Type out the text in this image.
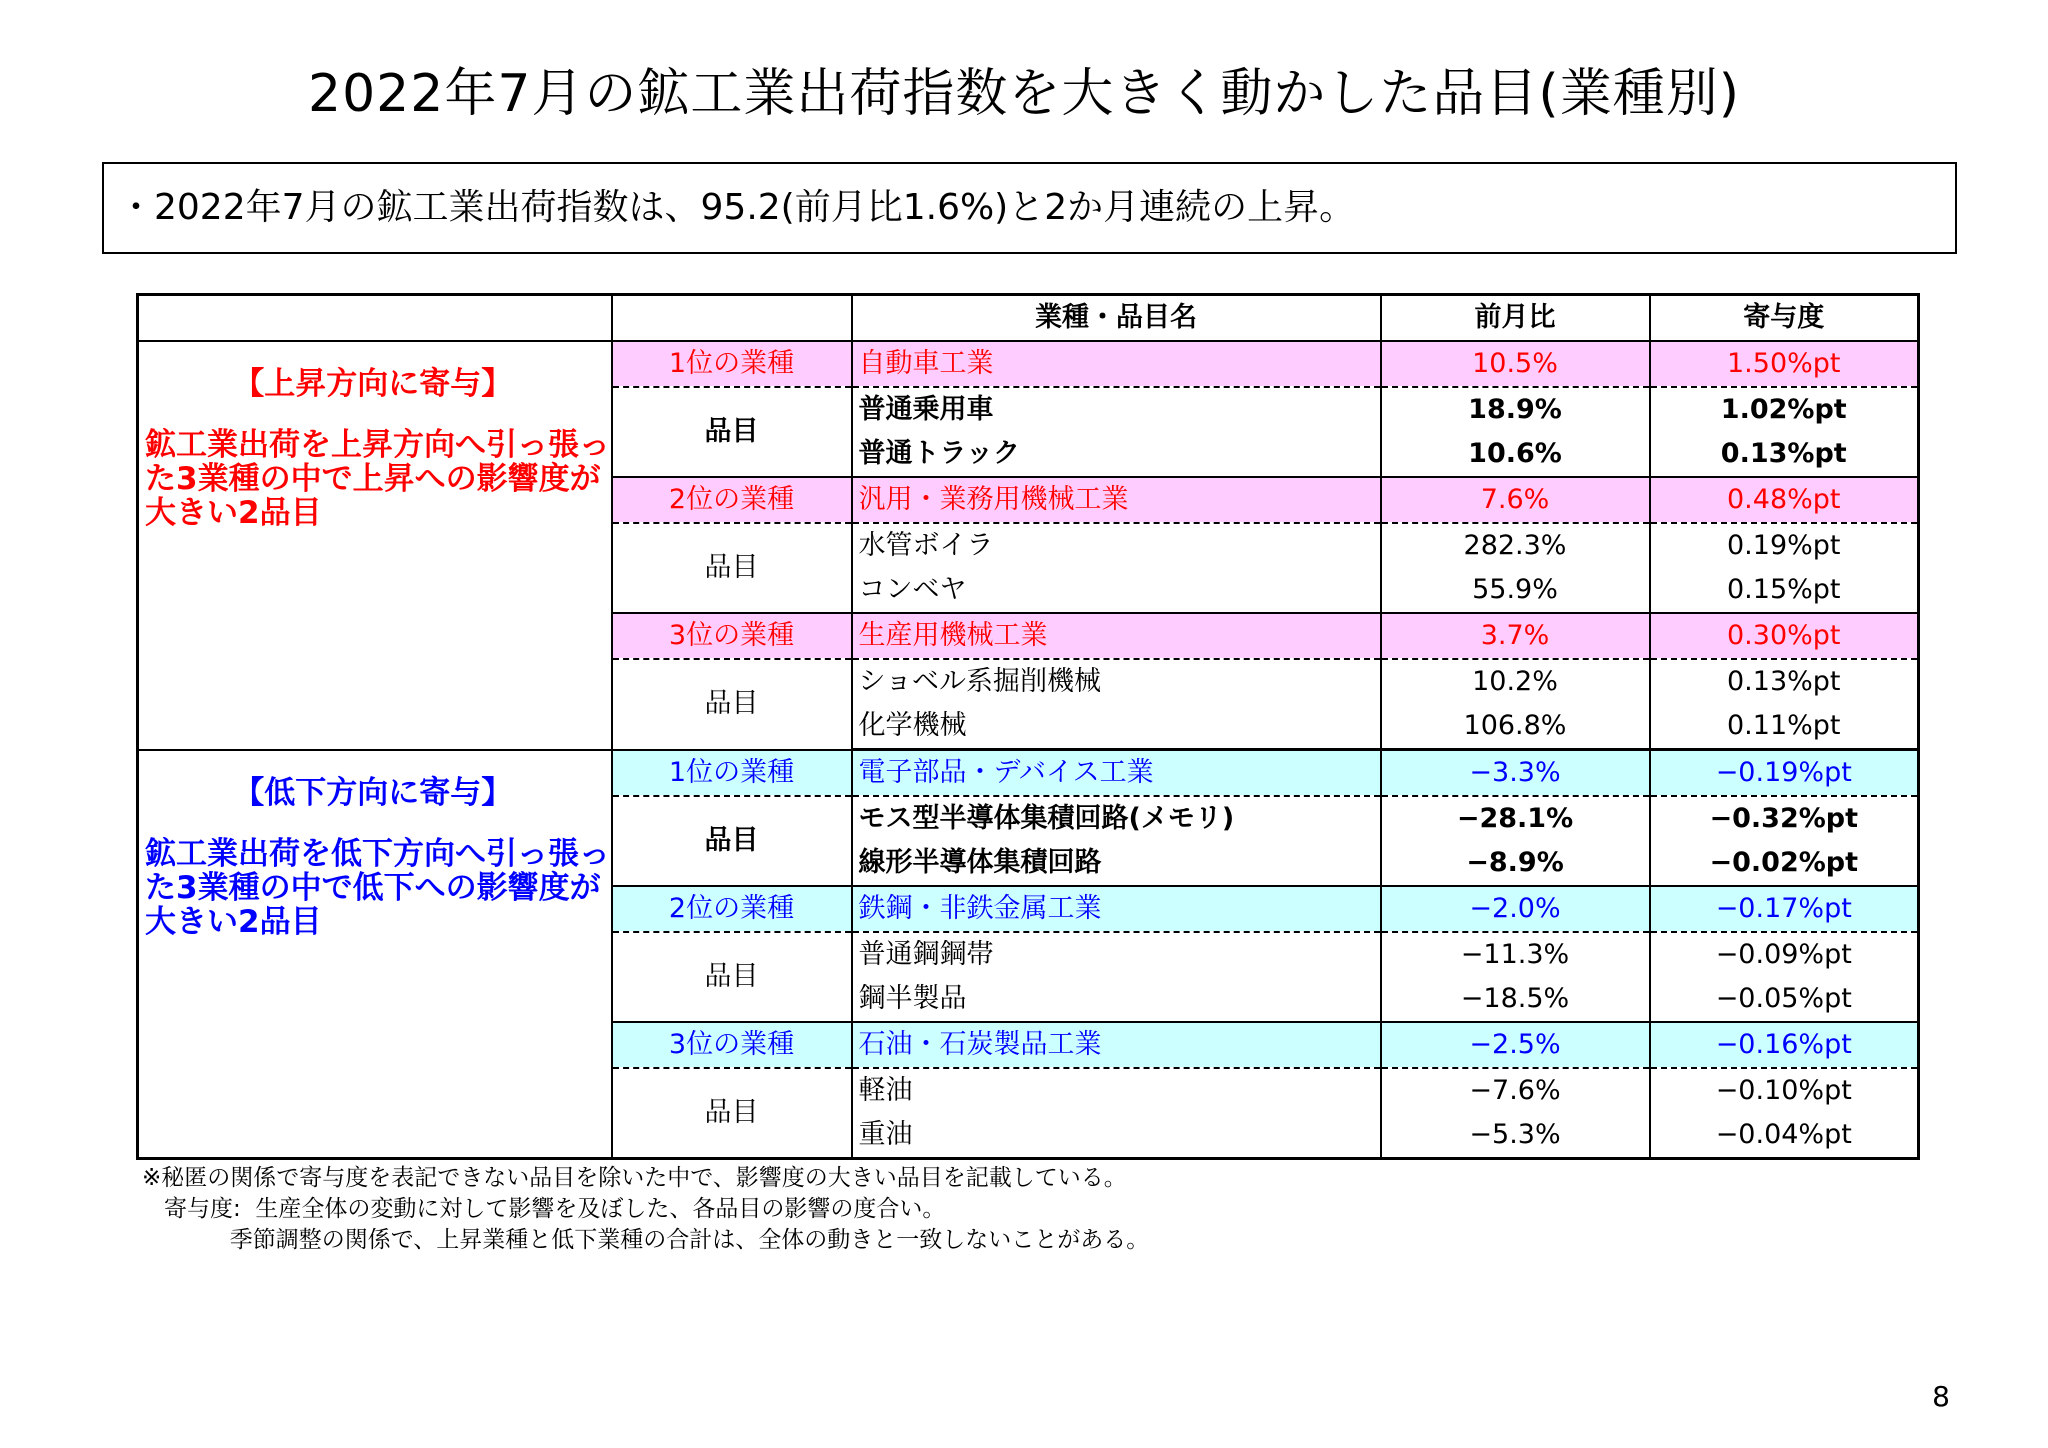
2022年7月の鉱工業出荷指数を大きく動かした品目(業種別)
・2022年7月の鉱工業出荷指数は、95.2(前月比1.6%)と2か月連続の上昇。
		業種・品目名	前月比	寄与度

【上昇方向に寄与】
鉱工業出荷を上昇方向へ引っ張った3業種の中で上昇への影響度が大きい2品目	1位の業種	自動車工業	10.5%	1.50%pt
	品目	普通乗用車	18.9%	1.02%pt
		普通トラック	10.6%	0.13%pt
	2位の業種	汎用・業務用機械工業	7.6%	0.48%pt
	品目	水管ボイラ	282.3%	0.19%pt
		コンベヤ	55.9%	0.15%pt
	3位の業種	生産用機械工業	3.7%	0.30%pt
	品目	ショベル系掘削機械	10.2%	0.13%pt
		化学機械	106.8%	0.11%pt

【低下方向に寄与】
鉱工業出荷を低下方向へ引っ張った3業種の中で低下への影響度が大きい2品目	1位の業種	電子部品・デバイス工業	−3.3%	−0.19%pt
	品目	モス型半導体集積回路(メモリ)	−28.1%	−0.32%pt
		線形半導体集積回路	−8.9%	−0.02%pt
	2位の業種	鉄鋼・非鉄金属工業	−2.0%	−0.17%pt
	品目	普通鋼鋼帯	−11.3%	−0.09%pt
		鋼半製品	−18.5%	−0.05%pt
	3位の業種	石油・石炭製品工業	−2.5%	−0.16%pt
	品目	軽油	−7.6%	−0.10%pt
		重油	−5.3%	−0.04%pt
※秘匿の関係で寄与度を表記できない品目を除いた中で、影響度の大きい品目を記載している。
寄与度: 生産全体の変動に対して影響を及ぼした、各品目の影響の度合い。
季節調整の関係で、上昇業種と低下業種の合計は、全体の動きと一致しないことがある。
8
